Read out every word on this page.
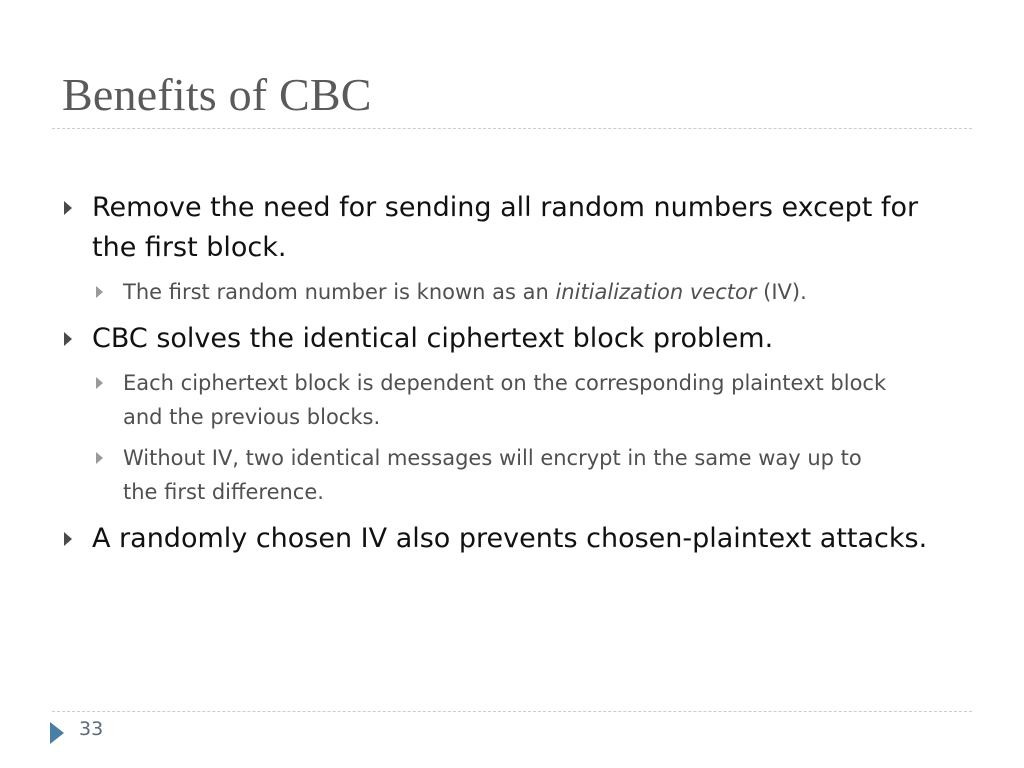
Benefits of CBC
Remove the need for sending all random numbers except for
the first block.
The first random number is known as an initialization vector (IV).
CBC solves the identical ciphertext block problem.
Each ciphertext block is dependent on the corresponding plaintext block
and the previous blocks.
Without IV, two identical messages will encrypt in the same way up to
the first difference.
A randomly chosen IV also prevents chosen-plaintext attacks.
33
